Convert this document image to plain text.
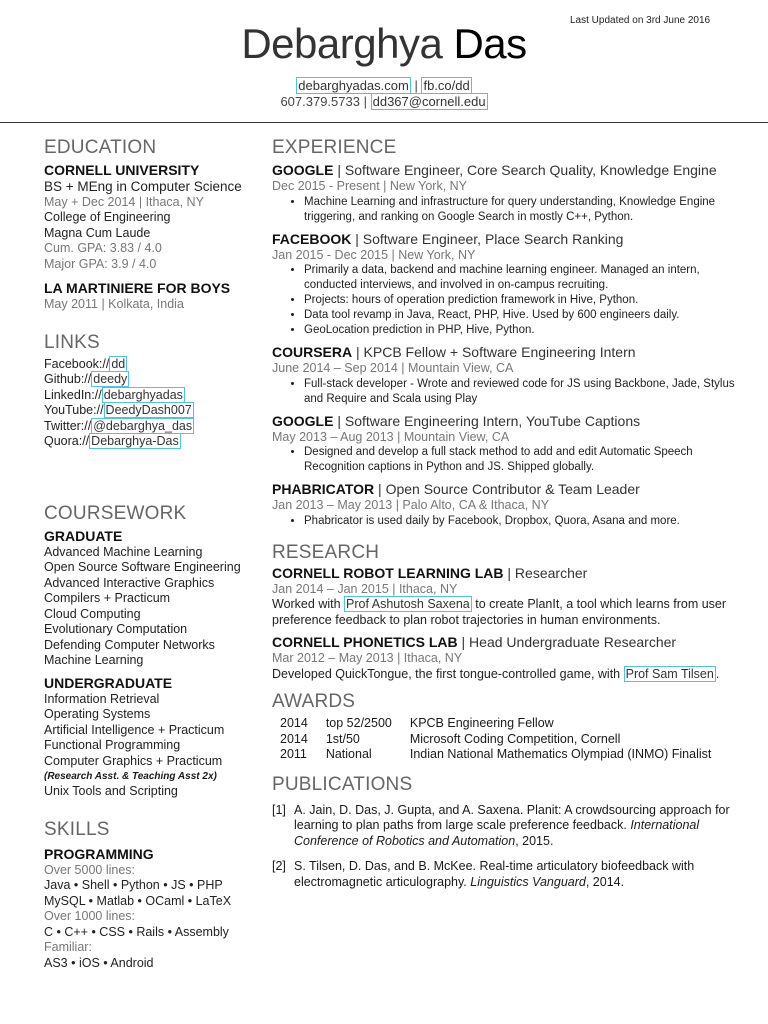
Last Updated on 3rd June 2016
Debarghya Das
debarghyadas.com | fb.co/dd
607.379.5733 | dd367@cornell.edu
EDUCATION
CORNELL UNIVERSITY
BS + MEng in Computer Science
May + Dec 2014 | Ithaca, NY
College of Engineering
Magna Cum Laude
Cum. GPA: 3.83 / 4.0
Major GPA: 3.9 / 4.0
LA MARTINIERE FOR BOYS
May 2011 | Kolkata, India
LINKS
Facebook:// dd
Github:// deedy
LinkedIn:// debarghyadas
YouTube:// DeedyDash007
Twitter:// @debarghya_das
Quora:// Debarghya-Das
COURSEWORK
GRADUATE
Advanced Machine Learning
Open Source Software Engineering
Advanced Interactive Graphics
Compilers + Practicum
Cloud Computing
Evolutionary Computation
Defending Computer Networks
Machine Learning
UNDERGRADUATE
Information Retrieval
Operating Systems
Artificial Intelligence + Practicum
Functional Programming
Computer Graphics + Practicum
(Research Asst. & Teaching Asst 2x)
Unix Tools and Scripting
SKILLS
PROGRAMMING
Over 5000 lines:
Java • Shell • Python • JS • PHP
MySQL • Matlab • OCaml • LaTeX
Over 1000 lines:
C • C++ • CSS • Rails • Assembly
Familiar:
AS3 • iOS • Android
EXPERIENCE
GOOGLE | Software Engineer, Core Search Quality, Knowledge Engine
Dec 2015 - Present | New York, NY
• Machine Learning and infrastructure for query understanding, Knowledge Engine triggering, and ranking on Google Search in mostly C++, Python.
FACEBOOK | Software Engineer, Place Search Ranking
Jan 2015 - Dec 2015 | New York, NY
• Primarily a data, backend and machine learning engineer. Managed an intern, conducted interviews, and involved in on-campus recruiting.
• Projects: hours of operation prediction framework in Hive, Python.
• Data tool revamp in Java, React, PHP, Hive. Used by 600 engineers daily.
• GeoLocation prediction in PHP, Hive, Python.
COURSERA | KPCB Fellow + Software Engineering Intern
June 2014 – Sep 2014 | Mountain View, CA
• Full-stack developer - Wrote and reviewed code for JS using Backbone, Jade, Stylus and Require and Scala using Play
GOOGLE | Software Engineering Intern, YouTube Captions
May 2013 – Aug 2013 | Mountain View, CA
• Designed and develop a full stack method to add and edit Automatic Speech Recognition captions in Python and JS. Shipped globally.
PHABRICATOR | Open Source Contributor & Team Leader
Jan 2013 – May 2013 | Palo Alto, CA & Ithaca, NY
• Phabricator is used daily by Facebook, Dropbox, Quora, Asana and more.
RESEARCH
CORNELL ROBOT LEARNING LAB | Researcher
Jan 2014 – Jan 2015 | Ithaca, NY
Worked with Prof Ashutosh Saxena to create PlanIt, a tool which learns from user preference feedback to plan robot trajectories in human environments.
CORNELL PHONETICS LAB | Head Undergraduate Researcher
Mar 2012 – May 2013 | Ithaca, NY
Developed QuickTongue, the first tongue-controlled game, with Prof Sam Tilsen .
AWARDS
2014	top 52/2500	KPCB Engineering Fellow
2014	1st/50	Microsoft Coding Competition, Cornell
2011	National	Indian National Mathematics Olympiad (INMO) Finalist
PUBLICATIONS
[1] A. Jain, D. Das, J. Gupta, and A. Saxena. Planit: A crowdsourcing approach for learning to plan paths from large scale preference feedback. International Conference of Robotics and Automation, 2015.
[2] S. Tilsen, D. Das, and B. McKee. Real-time articulatory biofeedback with electromagnetic articulography. Linguistics Vanguard, 2014.
